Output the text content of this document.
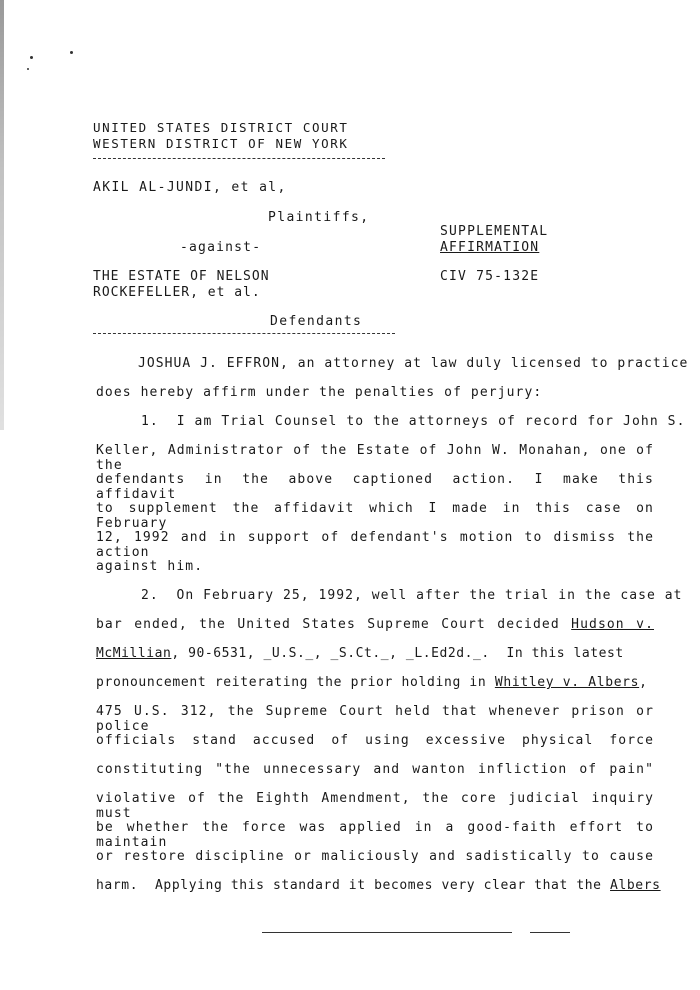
UNITED STATES DISTRICT COURT
WESTERN DISTRICT OF NEW YORK
AKIL AL-JUNDI, et al,
Plaintiffs,
SUPPLEMENTAL
AFFIRMATION
-against-
THE ESTATE OF NELSON
ROCKEFELLER, et al.
CIV 75-132E
Defendants
JOSHUA J. EFFRON, an attorney at law duly licensed to practice
does hereby affirm under the penalties of perjury:
1.  I am Trial Counsel to the attorneys of record for John S.
Keller, Administrator of the Estate of John W. Monahan, one of the
defendants in the above captioned action. I make this affidavit
to supplement the affidavit which I made in this case on February
12, 1992 and in support of defendant's motion to dismiss the action
against him.
2.  On February 25, 1992, well after the trial in the case at
bar ended, the United States Supreme Court decided Hudson v.
McMillian, 90-6531, _U.S._, _S.Ct._, _L.Ed2d._.  In this latest
pronouncement reiterating the prior holding in Whitley v. Albers,
475 U.S. 312, the Supreme Court held that whenever prison or police
officials stand accused of using excessive physical force
constituting "the unnecessary and wanton infliction of pain"
violative of the Eighth Amendment, the core judicial inquiry must
be whether the force was applied in a good-faith effort to maintain
or restore discipline or maliciously and sadistically to cause
harm.  Applying this standard it becomes very clear that the Albers
